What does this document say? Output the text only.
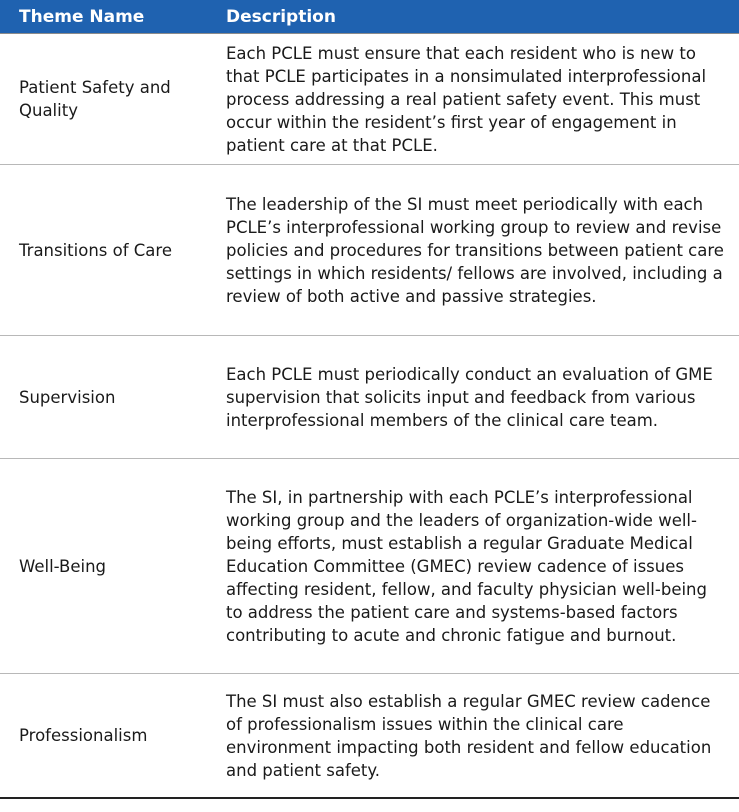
Theme Name	Description
Patient Safety and Quality	Each PCLE must ensure that each resident who is new to that PCLE participates in a nonsimulated interprofessional process addressing a real patient safety event. This must occur within the resident’s first year of engagement in patient care at that PCLE.
Transitions of Care	The leadership of the SI must meet periodically with each PCLE’s interprofessional working group to review and revise policies and procedures for transitions between patient care settings in which residents/ fellows are involved, including a review of both active and passive strategies.
Supervision	Each PCLE must periodically conduct an evaluation of GME supervision that solicits input and feedback from various interprofessional members of the clinical care team.
Well-Being	The SI, in partnership with each PCLE’s interprofessional working group and the leaders of organization-wide well-being efforts, must establish a regular Graduate Medical Education Committee (GMEC) review cadence of issues affecting resident, fellow, and faculty physician well-being to address the patient care and systems-based factors contributing to acute and chronic fatigue and burnout.
Professionalism	The SI must also establish a regular GMEC review cadence of professionalism issues within the clinical care environment impacting both resident and fellow education and patient safety.
